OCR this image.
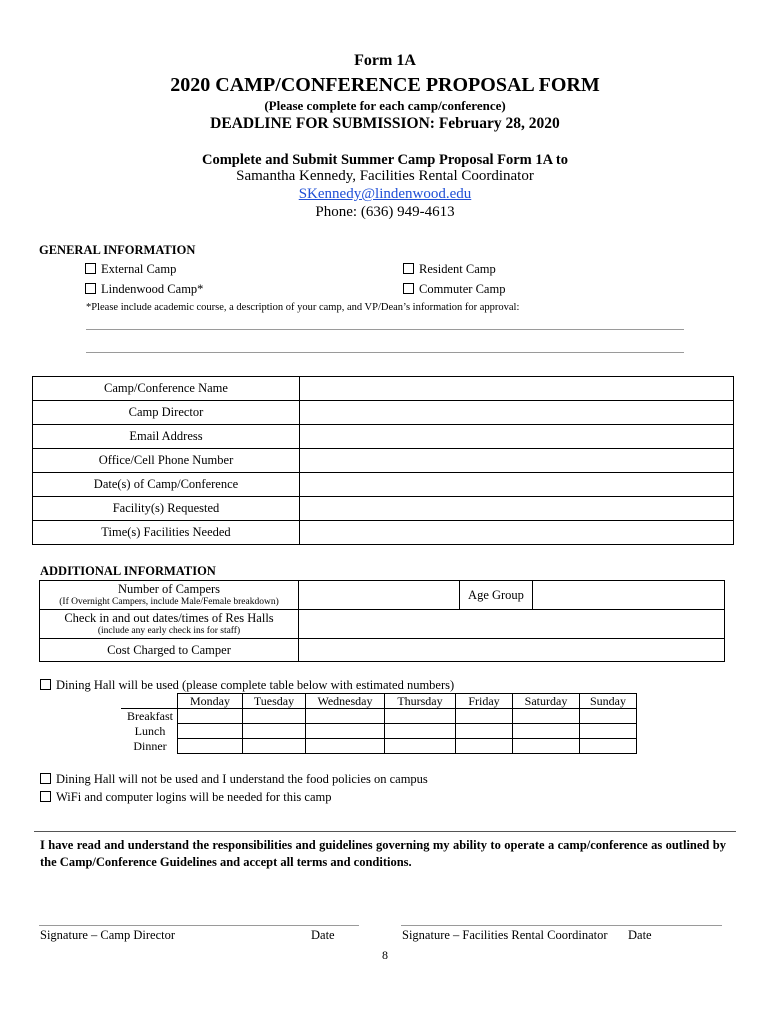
Form 1A
2020 CAMP/CONFERENCE PROPOSAL FORM
(Please complete for each camp/conference)
DEADLINE FOR SUBMISSION: February 28, 2020
Complete and Submit Summer Camp Proposal Form 1A to
Samantha Kennedy, Facilities Rental Coordinator
SKennedy@lindenwood.edu
Phone: (636) 949-4613
GENERAL INFORMATION
External Camp	Resident Camp
Lindenwood Camp*	Commuter Camp
*Please include academic course, a description of your camp, and VP/Dean’s information for approval:
Camp/Conference Name	
Camp Director	
Email Address	
Office/Cell Phone Number	
Date(s) of Camp/Conference	
Facility(s) Requested	
Time(s) Facilities Needed	
ADDITIONAL INFORMATION
Number of Campers
(If Overnight Campers, include Male/Female breakdown)		Age Group	

Check in and out dates/times of Res Halls
(include any early check ins for staff)			

Cost Charged to Camper			
Dining Hall will be used (please complete table below with estimated numbers)
	Monday	Tuesday	Wednesday	Thursday	Friday	Saturday	Sunday
Breakfast							
Lunch							
Dinner							
Dining Hall will not be used and I understand the food policies on campus
WiFi and computer logins will be needed for this camp
I have read and understand the responsibilities and guidelines governing my ability to operate a camp/conference as outlined by the Camp/Conference Guidelines and accept all terms and conditions.
Signature – Camp Director	Date	Signature – Facilities Rental Coordinator Date
8
